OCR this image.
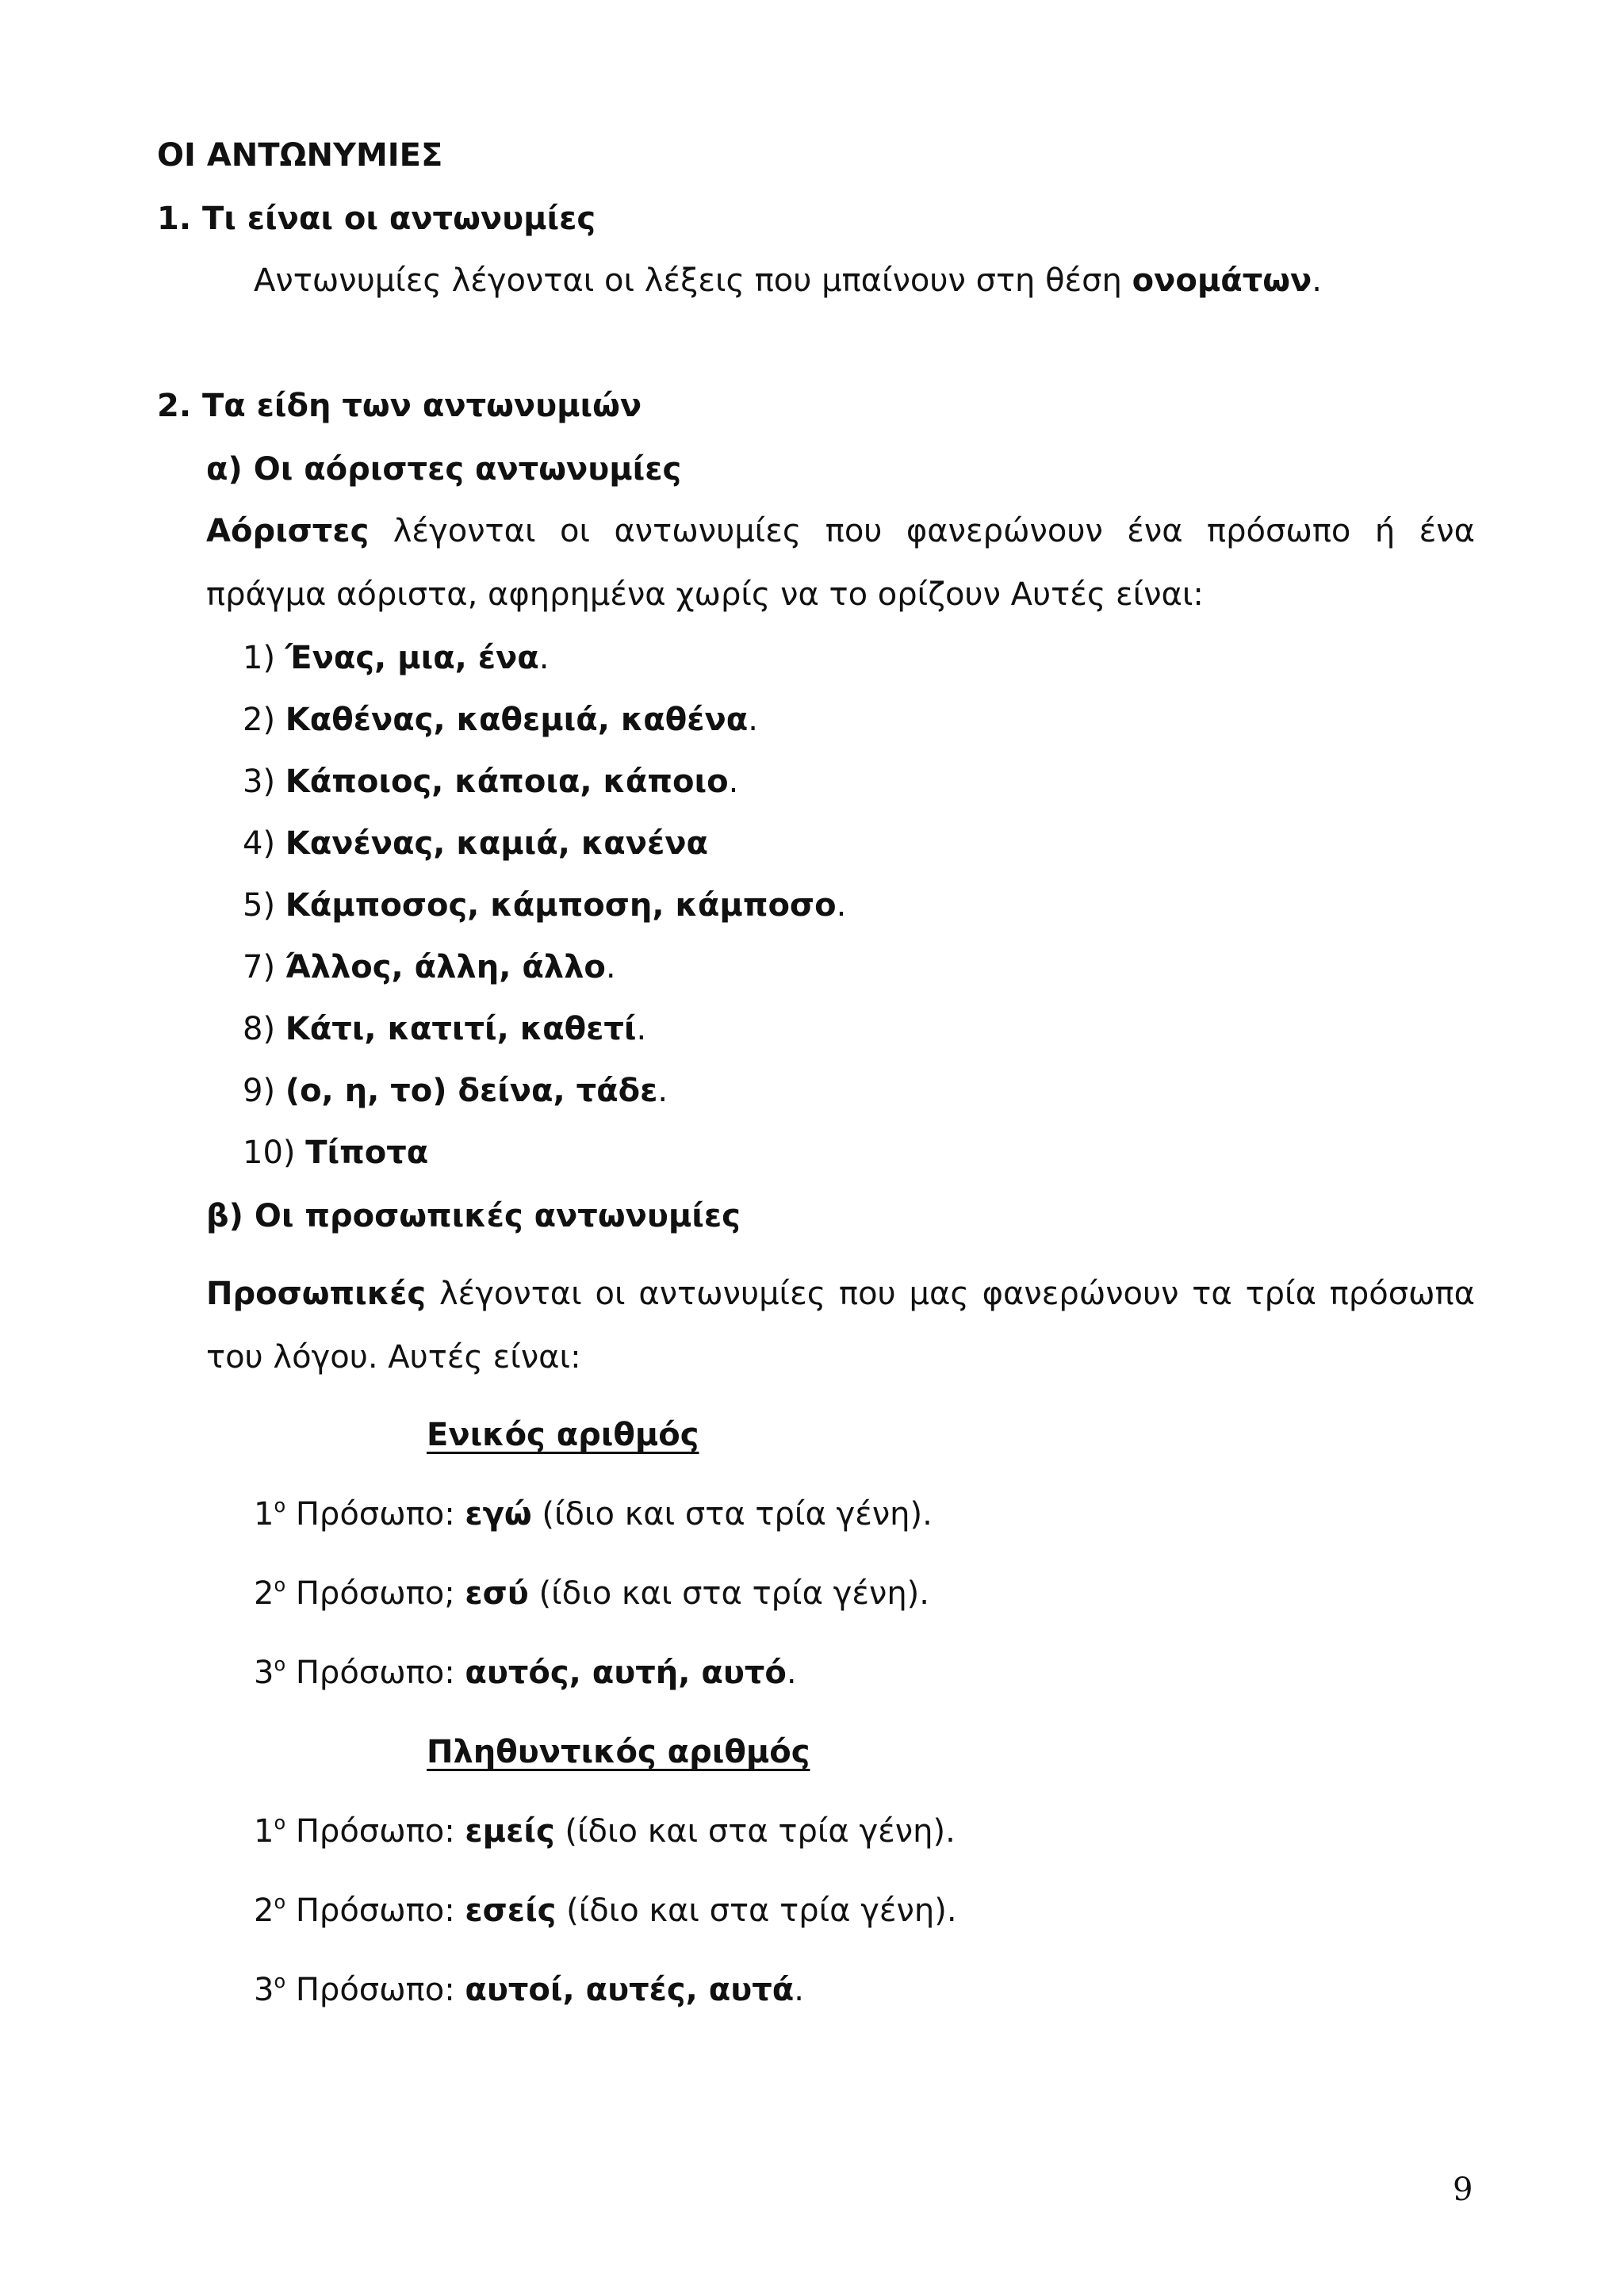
ΟΙ ΑΝΤΩΝΥΜΙΕΣ
1. Τι είναι οι αντωνυμίες
Αντωνυμίες λέγονται οι λέξεις που μπαίνουν στη θέση ονομάτων.
2. Τα είδη των αντωνυμιών
α) Οι αόριστες αντωνυμίες
Αόριστες λέγονται οι αντωνυμίες που φανερώνουν ένα πρόσωπο ή ένα
πράγμα αόριστα, αφηρημένα χωρίς να το ορίζουν Αυτές είναι:
1) Ένας, μια, ένα.
2) Καθένας, καθεμιά, καθένα.
3) Κάποιος, κάποια, κάποιο.
4) Κανένας, καμιά, κανένα
5) Κάμποσος, κάμποση, κάμποσο.
7) Άλλος, άλλη, άλλο.
8) Κάτι, κατιτί, καθετί.
9) (ο, η, το) δείνα, τάδε.
10) Τίποτα
β) Οι προσωπικές αντωνυμίες
Προσωπικές λέγονται οι αντωνυμίες που μας φανερώνουν τα τρία πρόσωπα
του λόγου. Αυτές είναι:
Ενικός αριθμός
$1^o$ Πρόσωπο: εγώ (ίδιο και στα τρία γένη).
$2^o$ Πρόσωπο; εσύ (ίδιο και στα τρία γένη).
$3^o$ Πρόσωπο: αυτός, αυτή, αυτό.
Πληθυντικός αριθμός
$1^o$ Πρόσωπο: εμείς (ίδιο και στα τρία γένη).
$2^o$ Πρόσωπο: εσείς (ίδιο και στα τρία γένη).
$3^o$ Πρόσωπο: αυτοί, αυτές, αυτά.
9
